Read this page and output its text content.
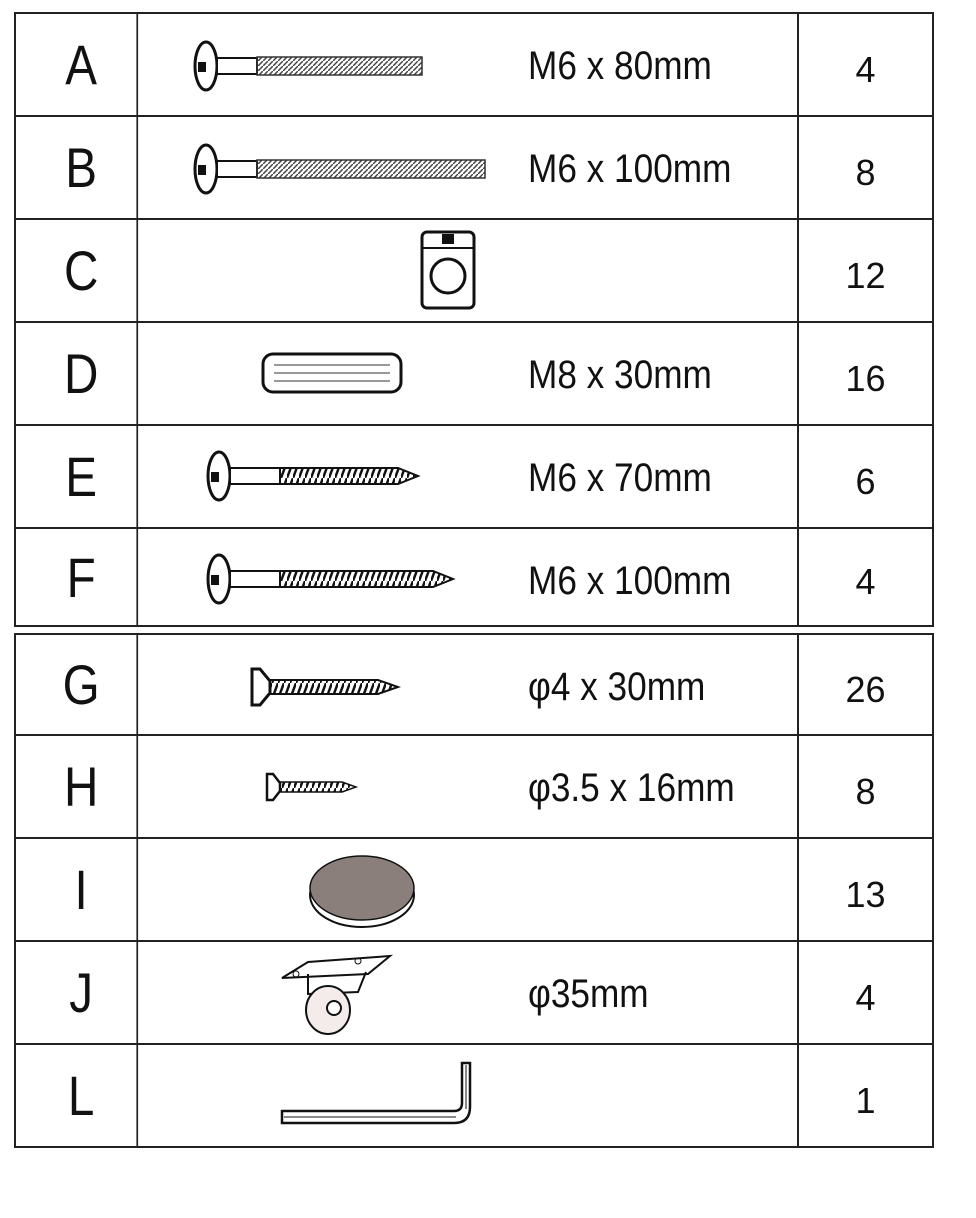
A	M6 x 80mm	4
B	M6 x 100mm	8
C	12
D	M8 x 30mm	16
E	M6 x 70mm	6
F	M6 x 100mm	4
G	φ4 x 30mm	26
H	φ3.5 x 16mm	8
I	13
J	φ35mm	4
L	1
